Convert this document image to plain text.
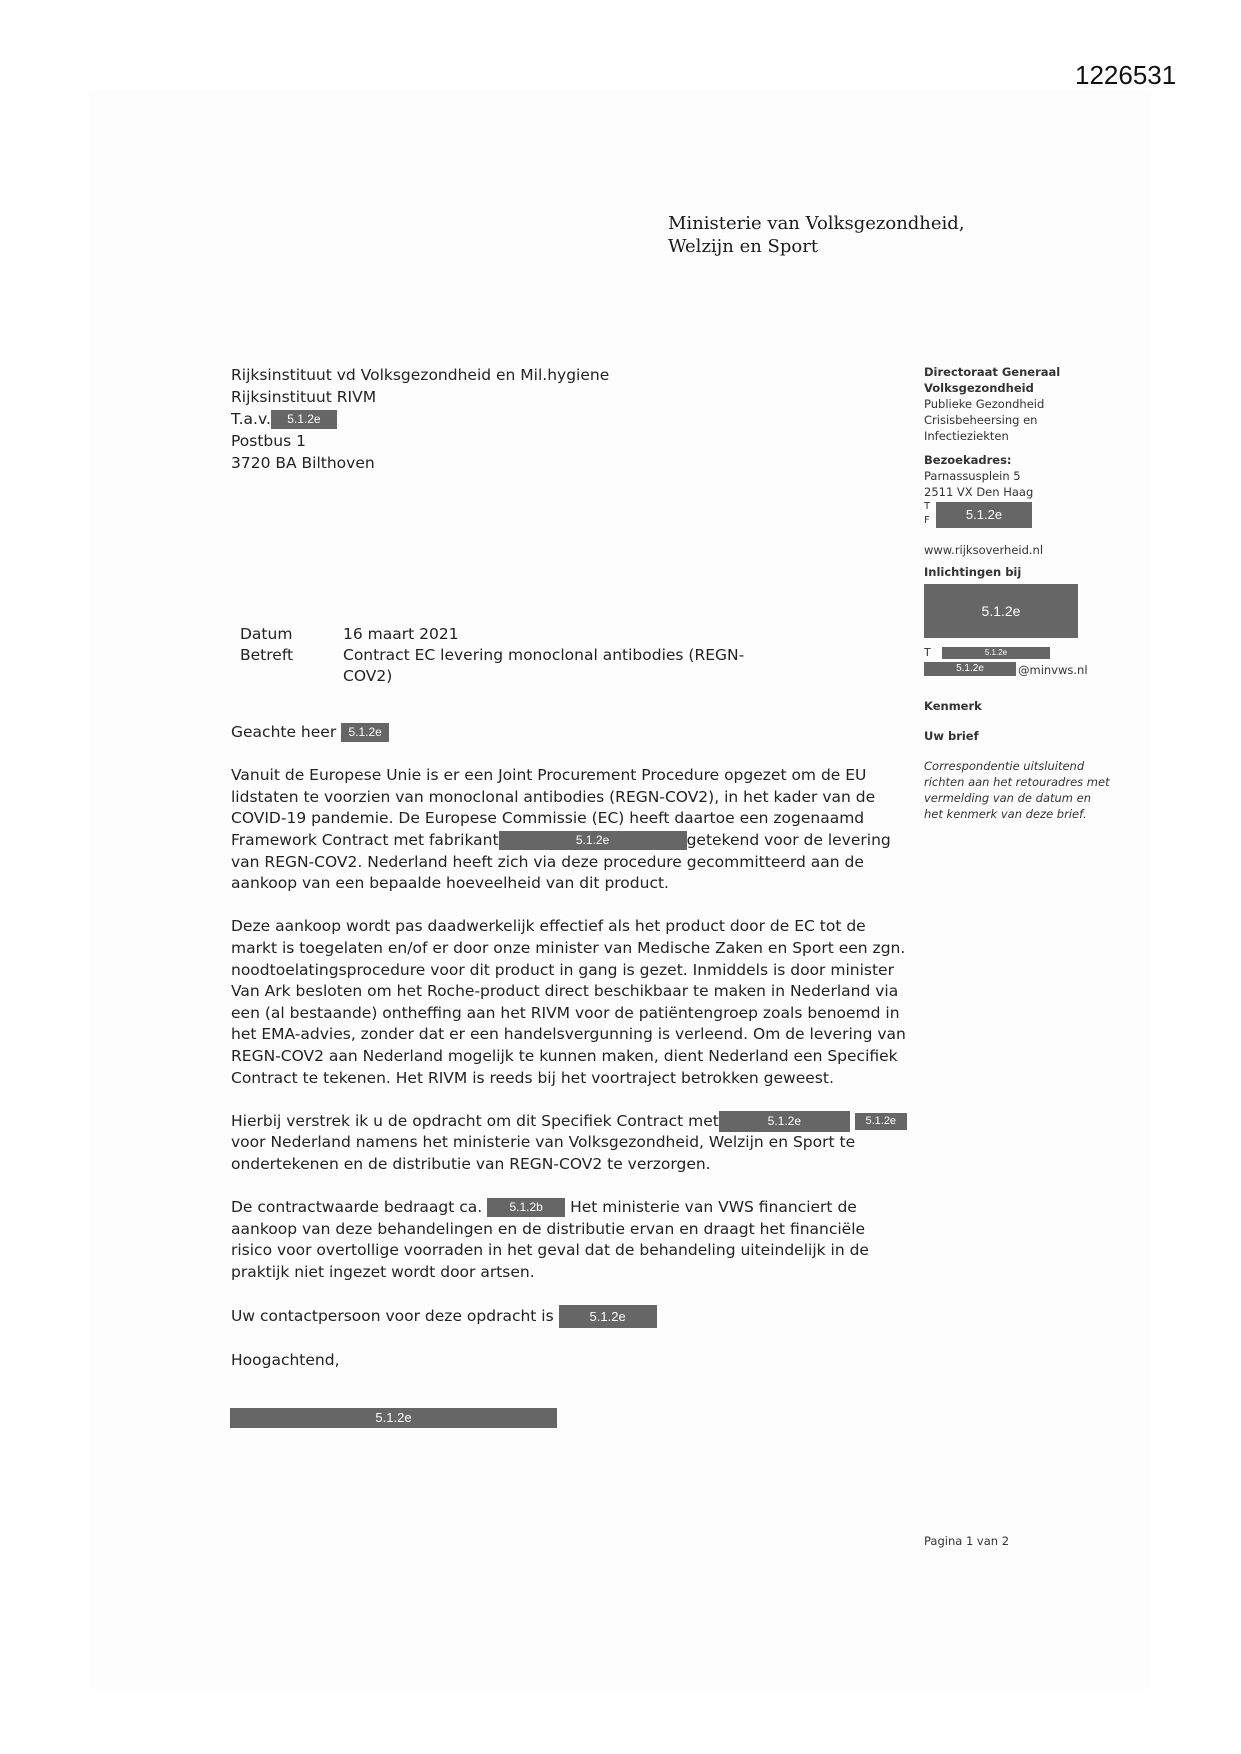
1226531
Ministerie van Volksgezondheid,
Welzijn en Sport
Rijksinstituut vd Volksgezondheid en Mil.hygiene
Rijksinstituut RIVM
T.a.v. 5.1.2e
Postbus 1
3720 BA Bilthoven
Directoraat Generaal
Volksgezondheid
Publieke Gezondheid
Crisisbeheersing en
Infectieziekten
Bezoekadres:
Parnassusplein 5
2511 VX Den Haag
T
F	5.1.2e
www.rijksoverheid.nl
Inlichtingen bij
5.1.2e
T	5.1.2e
5.1.2e	@minvws.nl
Kenmerk
Uw brief
Correspondentie uitsluitend richten aan het retouradres met vermelding van de datum en het kenmerk van deze brief.
Datum	16 maart 2021
Betreft	Contract EC levering monoclonal antibodies (REGN-COV2)

Geachte heer 5.1.2e

Vanuit de Europese Unie is er een Joint Procurement Procedure opgezet om de EU lidstaten te voorzien van monoclonal antibodies (REGN-COV2), in het kader van de COVID-19 pandemie. De Europese Commissie (EC) heeft daartoe een zogenaamd Framework Contract met fabrikant	5.1.2e	getekend voor de levering van REGN-COV2. Nederland heeft zich via deze procedure gecommitteerd aan de aankoop van een bepaalde hoeveelheid van dit product.

Deze aankoop wordt pas daadwerkelijk effectief als het product door de EC tot de markt is toegelaten en/of er door onze minister van Medische Zaken en Sport een zgn. noodtoelatingsprocedure voor dit product in gang is gezet. Inmiddels is door minister Van Ark besloten om het Roche-product direct beschikbaar te maken in Nederland via een (al bestaande) ontheffing aan het RIVM voor de patiëntengroep zoals benoemd in het EMA-advies, zonder dat er een handelsvergunning is verleend. Om de levering van REGN-COV2 aan Nederland mogelijk te kunnen maken, dient Nederland een Specifiek Contract te tekenen. Het RIVM is reeds bij het voortraject betrokken geweest.

Hierbij verstrek ik u de opdracht om dit Specifiek Contract met	5.1.2e	5.1.2e voor Nederland namens het ministerie van Volksgezondheid, Welzijn en Sport te ondertekenen en de distributie van REGN-COV2 te verzorgen.

De contractwaarde bedraagt ca. 5.1.2b Het ministerie van VWS financiert de aankoop van deze behandelingen en de distributie ervan en draagt het financiële risico voor overtollige voorraden in het geval dat de behandeling uiteindelijk in de praktijk niet ingezet wordt door artsen.

Uw contactpersoon voor deze opdracht is	5.1.2e

Hoogachtend,

5.1.2e
Pagina 1 van 2
